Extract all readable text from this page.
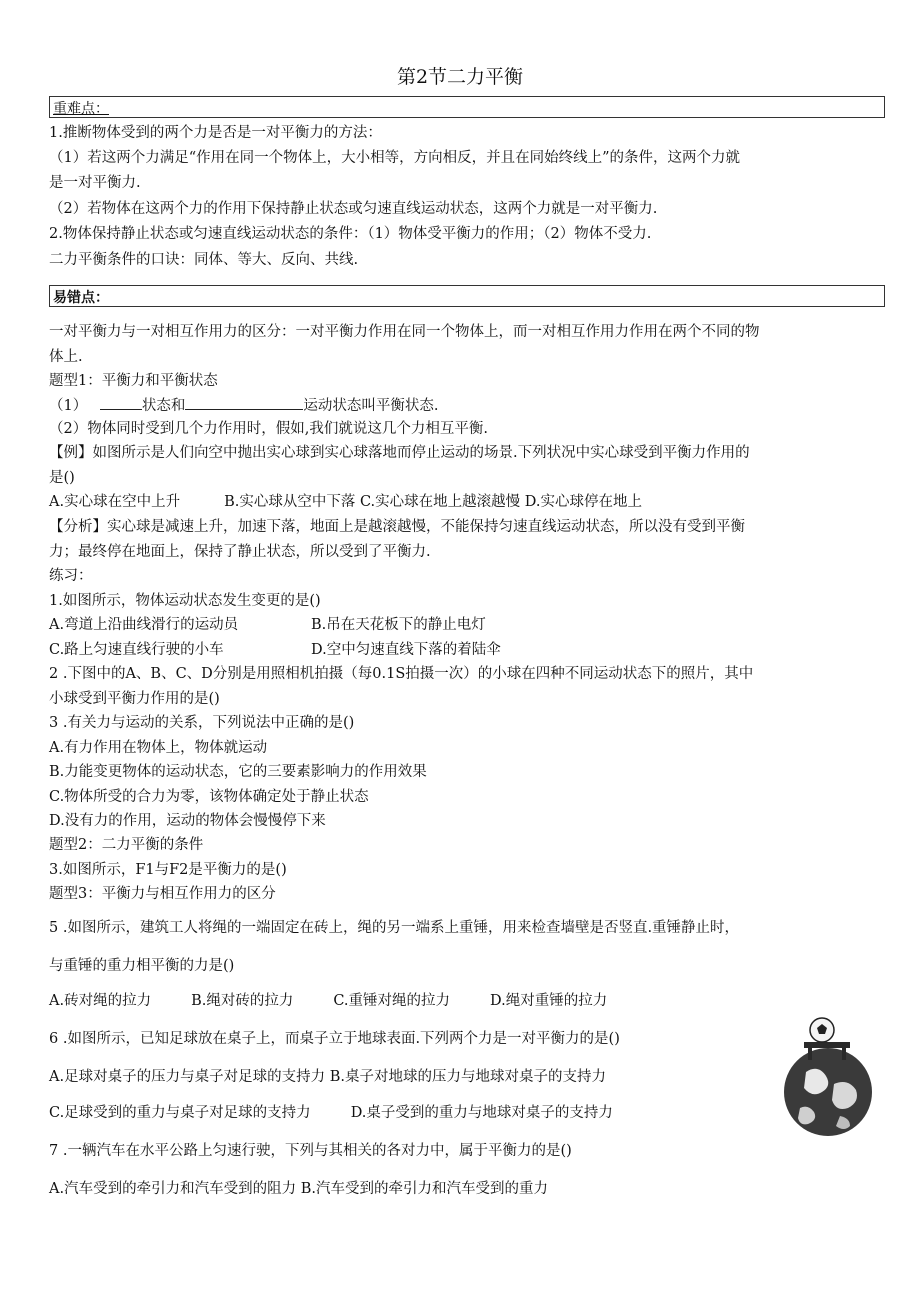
第2节二力平衡
重难点：
1.推断物体受到的两个力是否是一对平衡力的方法：
（1）若这两个力满足“作用在同一个物体上，大小相等，方向相反，并且在同始终线上”的条件，这两个力就
是一对平衡力.
（2）若物体在这两个力的作用下保持静止状态或匀速直线运动状态，这两个力就是一对平衡力.
2.物体保持静止状态或匀速直线运动状态的条件：（1）物体受平衡力的作用；（2）物体不受力.
二力平衡条件的口诀：同体、等大、反向、共线.
易错点：
一对平衡力与一对相互作用力的区分：一对平衡力作用在同一个物体上，而一对相互作用力作用在两个不同的物
体上.
题型1：平衡力和平衡状态
（1）	状态和	运动状态叫平衡状态.
（2）物体同时受到几个力作用时，假如,我们就说这几个力相互平衡.
【例】如图所示是人们向空中抛出实心球到实心球落地而停止运动的场景.下列状况中实心球受到平衡力作用的
是()
A.实心球在空中上升	B.实心球从空中下落 C.实心球在地上越滚越慢 D.实心球停在地上
【分析】实心球是减速上升，加速下落，地面上是越滚越慢，不能保持匀速直线运动状态，所以没有受到平衡
力；最终停在地面上，保持了静止状态，所以受到了平衡力.
练习：
1.如图所示，物体运动状态发生变更的是()
A.弯道上沿曲线滑行的运动员	B.吊在天花板下的静止电灯
C.路上匀速直线行驶的小车	D.空中匀速直线下落的着陆伞
2 .下图中的A、B、C、D分别是用照相机拍摄（每0.1S拍摄一次）的小球在四种不同运动状态下的照片，其中
小球受到平衡力作用的是()
3 .有关力与运动的关系，下列说法中正确的是()
A.有力作用在物体上，物体就运动
B.力能变更物体的运动状态，它的三要素影响力的作用效果
C.物体所受的合力为零，该物体确定处于静止状态
D.没有力的作用，运动的物体会慢慢停下来
题型2：二力平衡的条件
3.如图所示，F1与F2是平衡力的是()
题型3：平衡力与相互作用力的区分
5 .如图所示，建筑工人将绳的一端固定在砖上，绳的另一端系上重锤，用来检查墙壁是否竖直.重锤静止时，
与重锤的重力相平衡的力是()
A.砖对绳的拉力	B.绳对砖的拉力	C.重锤对绳的拉力	D.绳对重锤的拉力
6 .如图所示，已知足球放在桌子上，而桌子立于地球表面.下列两个力是一对平衡力的是()
A.足球对桌子的压力与桌子对足球的支持力 B.桌子对地球的压力与地球对桌子的支持力
C.足球受到的重力与桌子对足球的支持力	D.桌子受到的重力与地球对桌子的支持力
7 .一辆汽车在水平公路上匀速行驶，下列与其相关的各对力中，属于平衡力的是()
A.汽车受到的牵引力和汽车受到的阻力 B.汽车受到的牵引力和汽车受到的重力
